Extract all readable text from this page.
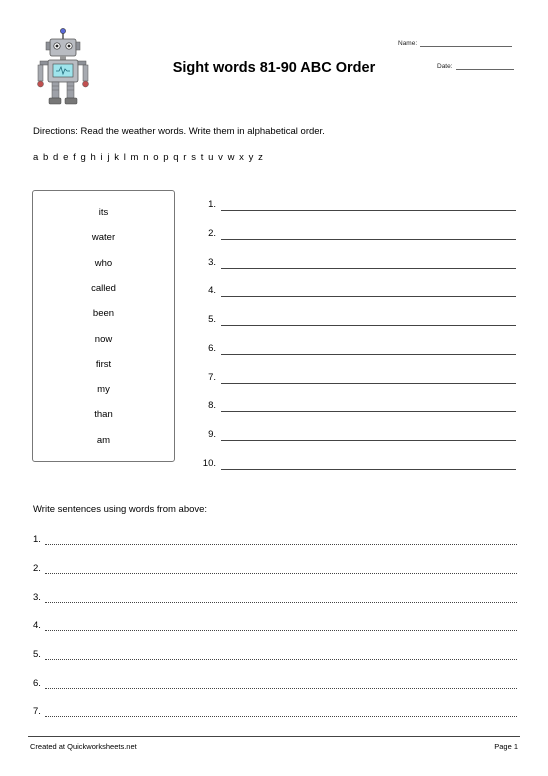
Sight words 81-90 ABC Order
Name:
Date:
Directions: Read the weather words. Write them in alphabetical order.
a b d e f g h i j k l m n o p q r s t u v w x y z
its
water
who
called
been
now
first
my
than
am
1.
2.
3.
4.
5.
6.
7.
8.
9.
10.
Write sentences using words from above:
1.
2.
3.
4.
5.
6.
7.
Created at Quickworksheets.net	Page 1
